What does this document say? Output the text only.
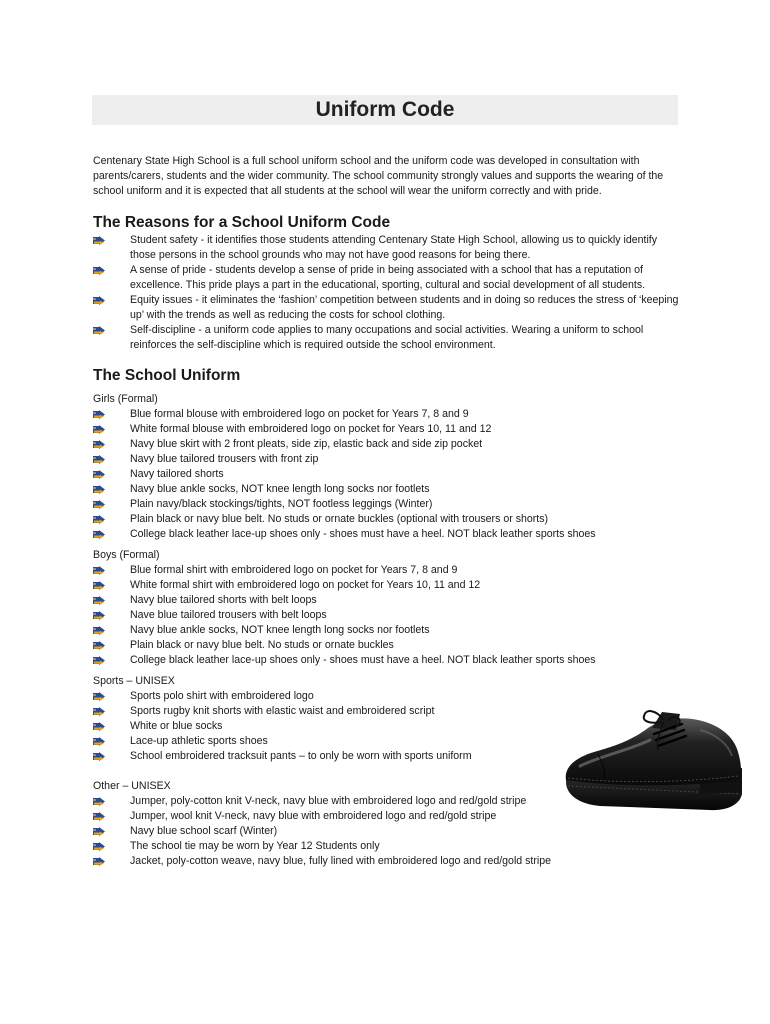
Uniform Code

Centenary State High School is a full school uniform school and the uniform code was developed in consultation with parents/carers, students and the wider community. The school community strongly values and supports the wearing of the school uniform and it is expected that all students at the school will wear the uniform correctly and with pride.

The Reasons for a School Uniform Code
Student safety - it identifies those students attending Centenary State High School, allowing us to quickly identify those persons in the school grounds who may not have good reasons for being there.
A sense of pride - students develop a sense of pride in being associated with a school that has a reputation of excellence. This pride plays a part in the educational, sporting, cultural and social development of all students.
Equity issues - it eliminates the ‘fashion’ competition between students and in doing so reduces the stress of ‘keeping up’ with the trends as well as reducing the costs for school clothing.
Self-discipline - a uniform code applies to many occupations and social activities. Wearing a uniform to school reinforces the self-discipline which is required outside the school environment.
The School Uniform

Girls (Formal)

Blue formal blouse with embroidered logo on pocket for Years 7, 8 and 9
White formal blouse with embroidered logo on pocket for Years 10, 11 and 12
Navy blue skirt with 2 front pleats, side zip, elastic back and side zip pocket
Navy blue tailored trousers with front zip
Navy tailored shorts
Navy blue ankle socks, NOT knee length long socks nor footlets
Plain navy/black stockings/tights, NOT footless leggings (Winter)
Plain black or navy blue belt. No studs or ornate buckles (optional with trousers or shorts)
College black leather lace-up shoes only - shoes must have a heel. NOT black leather sports shoes

Boys (Formal)

Blue formal shirt with embroidered logo on pocket for Years 7, 8 and 9
White formal shirt with embroidered logo on pocket for Years 10, 11 and 12
Navy blue tailored shorts with belt loops
Nave blue tailored trousers with belt loops
Navy blue ankle socks, NOT knee length long socks nor footlets
Plain black or navy blue belt. No studs or ornate buckles
College black leather lace-up shoes only - shoes must have a heel. NOT black leather sports shoes

Sports – UNISEX

Sports polo shirt with embroidered logo
Sports rugby knit shorts with elastic waist and embroidered script
White or blue socks
Lace-up athletic sports shoes
School embroidered tracksuit pants – to only be worn with sports uniform

Other – UNISEX

Jumper, poly-cotton knit V-neck, navy blue with embroidered logo and red/gold stripe
Jumper, wool knit V-neck, navy blue with embroidered logo and red/gold stripe
Navy blue school scarf (Winter)
The school tie may be worn by Year 12 Students only
Jacket, poly-cotton weave, navy blue, fully lined with embroidered logo and red/gold stripe
